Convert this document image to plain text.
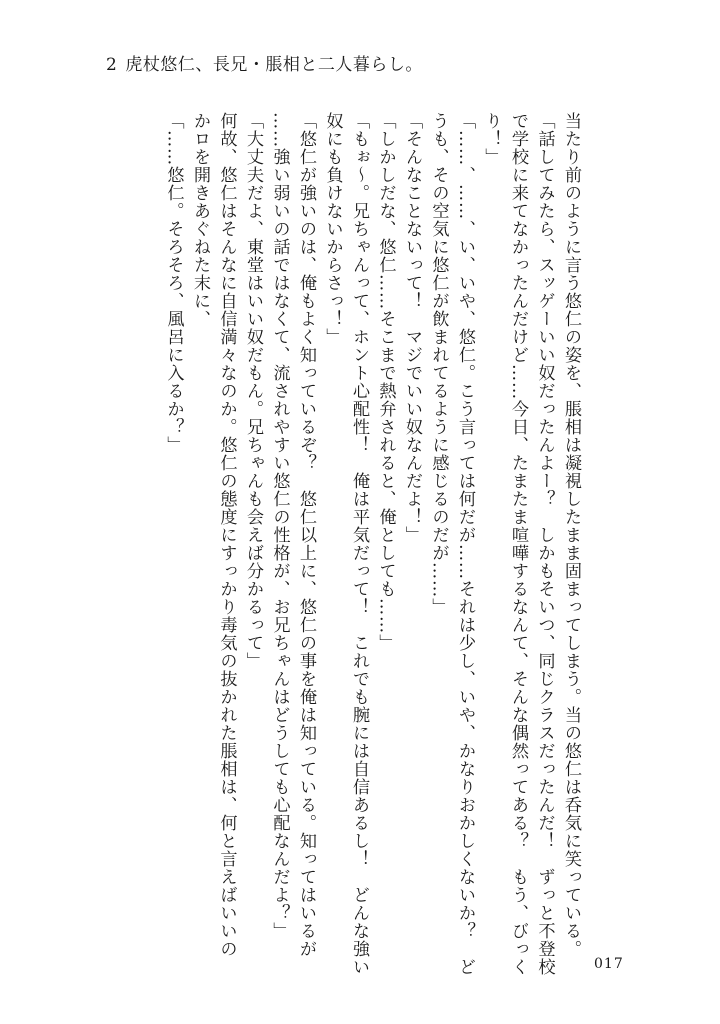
2 虎杖悠仁、長兄・脹相と二人暮らし。

当たり前のように言う悠仁の姿を、脹相は凝視したまま固まってしまう。当の悠仁は呑気に笑っている。

「話してみたら、スッゲーいい奴だったんよー？　しかもそいつ、同じクラスだったんだ！　ずっと不登校

で学校に来てなかったんだけど……今日、たまたま喧嘩するなんて、そんな偶然ってある？　もう、びっく

り！」

「……、……、い、いや、悠仁。こう言っては何だが……それは少し、いや、かなりおかしくないか？　ど

うも、その空気に悠仁が飲まれてるように感じるのだが……」

「そんなことないって！　マジでいい奴なんだよ！」

「しかしだな、悠仁……そこまで熱弁されると、俺としても……」

「もぉ〜。兄ちゃんって、ホント心配性！　俺は平気だって！　これでも腕には自信あるし！　どんな強い

奴にも負けないからさっ！」

「悠仁が強いのは、俺もよく知っているぞ？　悠仁以上に、悠仁の事を俺は知っている。知ってはいるが

……強い弱いの話ではなくて、流されやすい悠仁の性格が、お兄ちゃんはどうしても心配なんだよ？」

「大丈夫だよ、東堂はいい奴だもん。兄ちゃんも会えば分かるって」

何故、悠仁はそんなに自信満々なのか。悠仁の態度にすっかり毒気の抜かれた脹相は、何と言えばいいの

かロを開きあぐねた末に、

「……悠仁。そろそろ、風呂に入るか？」

017
